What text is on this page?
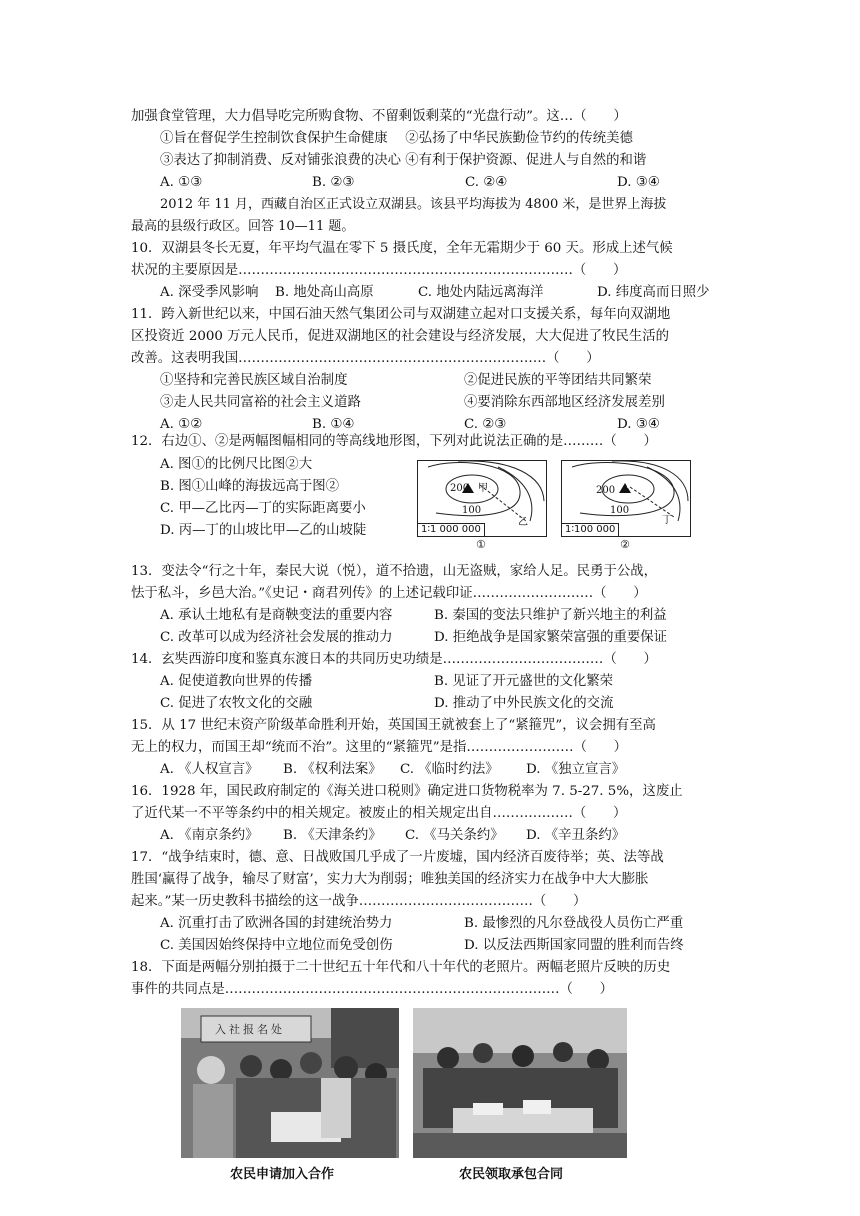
加强食堂管理，大力倡导吃完所购食物、不留剩饭剩菜的“光盘行动”。这…（　　）
①旨在督促学生控制饮食保护生命健康　 ②弘扬了中华民族勤俭节约的传统美德
③表达了抑制消费、反对铺张浪费的决心 ④有利于保护资源、促进人与自然的和谐
A. ①③	B. ②③	C. ②④	D. ③④
2012 年 11 月，西藏自治区正式设立双湖县。该县平均海拔为 4800 米，是世界上海拔
最高的县级行政区。回答 10—11 题。
10．双湖县冬长无夏，年平均气温在零下 5 摄氏度，全年无霜期少于 60 天。形成上述气候
状况的主要原因是…………………………………………………………………（　　）
A. 深受季风影响 B. 地处高山高原	C. 地处内陆远离海洋	D. 纬度高而日照少
11．跨入新世纪以来，中国石油天然气集团公司与双湖建立起对口支援关系，每年向双湖地
区投资近 2000 万元人民币，促进双湖地区的社会建设与经济发展，大大促进了牧民生活的
改善。这表明我国……………………………………………………………（　　）
①坚持和完善民族区域自治制度	②促进民族的平等团结共同繁荣
③走人民共同富裕的社会主义道路	④要消除东西部地区经济发展差别
A. ①②	B. ①④	C. ②③	D. ③④
12．右边①、②是两幅图幅相同的等高线地形图，下列对此说法正确的是………（　　）
A. 图①的比例尺比图②大
B. 图①山峰的海拔远高于图②
C. 甲—乙比丙—丁的实际距离要小
D. 丙—丁的山坡比甲—乙的山坡陡
200 甲
100
乙
1∶1 000 000
①
200
丙
100
丁
1∶100 000
②
13．变法令“行之十年，秦民大说（悦），道不拾遗，山无盗贼，家给人足。民勇于公战，
怯于私斗，乡邑大治。”《史记・商君列传》的上述记载印证………………………（　　）
A. 承认土地私有是商鞅变法的重要内容	B. 秦国的变法只维护了新兴地主的利益
C. 改革可以成为经济社会发展的推动力	D. 拒绝战争是国家繁荣富强的重要保证
14．玄奘西游印度和鉴真东渡日本的共同历史功绩是………………………………（　　）
A. 促使道教向世界的传播	B. 见证了开元盛世的文化繁荣
C. 促进了农牧文化的交融	D. 推动了中外民族文化的交流
15．从 17 世纪末资产阶级革命胜利开始，英国国王就被套上了“紧箍咒”，议会拥有至高
无上的权力，而国王却“统而不治”。这里的“紧箍咒”是指……………………（　　）
A. 《人权宣言》 B. 《权利法案》 C. 《临时约法》 D. 《独立宣言》
16．1928 年，国民政府制定的《海关进口税则》确定进口货物税率为 7. 5-27. 5%，这废止
了近代某一不平等条约中的相关规定。被废止的相关规定出自………………（　　）
A. 《南京条约》 B. 《天津条约》 C. 《马关条约》 D. 《辛丑条约》
17．“战争结束时，德、意、日战败国几乎成了一片废墟，国内经济百废待举；英、法等战
胜国‘赢得了战争，输尽了财富’，实力大为削弱；唯独美国的经济实力在战争中大大膨胀
起来。”某一历史教科书描绘的这一战争…………………………………（　　）
A. 沉重打击了欧洲各国的封建统治势力	B. 最惨烈的凡尔登战役人员伤亡严重
C. 美国因始终保持中立地位而免受创伤	D. 以反法西斯国家同盟的胜利而告终
18．下面是两幅分别拍摄于二十世纪五十年代和八十年代的老照片。两幅老照片反映的历史
事件的共同点是…………………………………………………………………（　　）
入社报名处
农民申请加入合作	农民领取承包合同
